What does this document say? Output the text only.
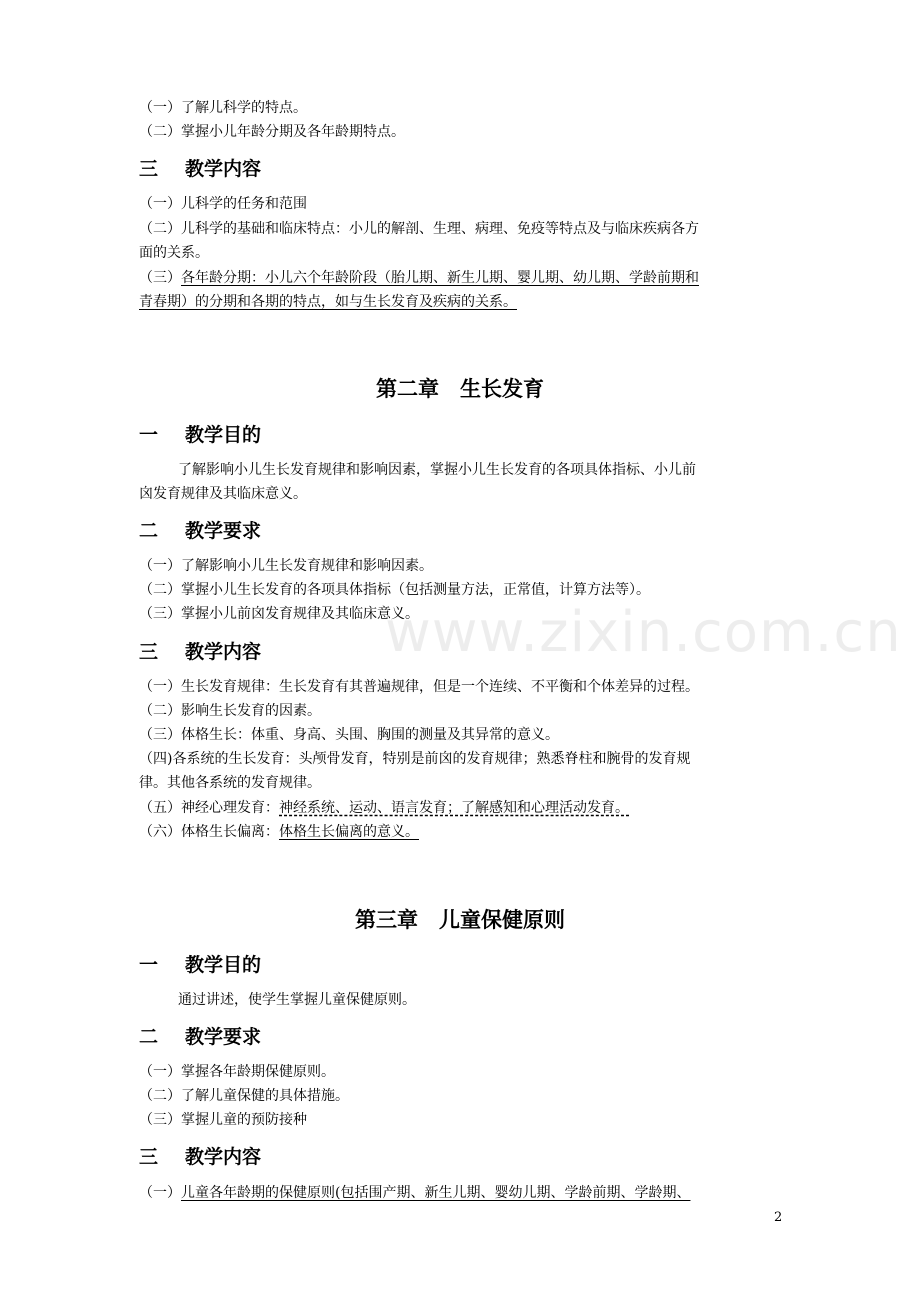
www.zixin.com.cn
（一）了解儿科学的特点。
（二）掌握小儿年龄分期及各年龄期特点。
三 教学内容
（一）儿科学的任务和范围
（二）儿科学的基础和临床特点：小儿的解剖、生理、病理、免疫等特点及与临床疾病各方
面的关系。
（三）各年龄分期：小儿六个年龄阶段（胎儿期、新生儿期、婴儿期、幼儿期、学龄前期和
青春期）的分期和各期的特点，如与生长发育及疾病的关系。
第二章　生长发育
一 教学目的
了解影响小儿生长发育规律和影响因素，掌握小儿生长发育的各项具体指标、小儿前
囟发育规律及其临床意义。
二 教学要求
（一）了解影响小儿生长发育规律和影响因素。
（二）掌握小儿生长发育的各项具体指标（包括测量方法，正常值，计算方法等）。
（三）掌握小儿前囟发育规律及其临床意义。
三 教学内容
（一）生长发育规律：生长发育有其普遍规律，但是一个连续、不平衡和个体差异的过程。
（二）影响生长发育的因素。
（三）体格生长：体重、身高、头围、胸围的测量及其异常的意义。
（四)各系统的生长发育：头颅骨发育，特别是前囟的发育规律；熟悉脊柱和腕骨的发育规
律。其他各系统的发育规律。
（五）神经心理发育：神经系统、运动、语言发育；了解感知和心理活动发育。
（六）体格生长偏离：体格生长偏离的意义。
第三章　儿童保健原则
一 教学目的
通过讲述，使学生掌握儿童保健原则。
二 教学要求
（一）掌握各年龄期保健原则。
（二）了解儿童保健的具体措施。
（三）掌握儿童的预防接种
三 教学内容
（一）儿童各年龄期的保健原则(包括围产期、新生儿期、婴幼儿期、学龄前期、学龄期、
2
